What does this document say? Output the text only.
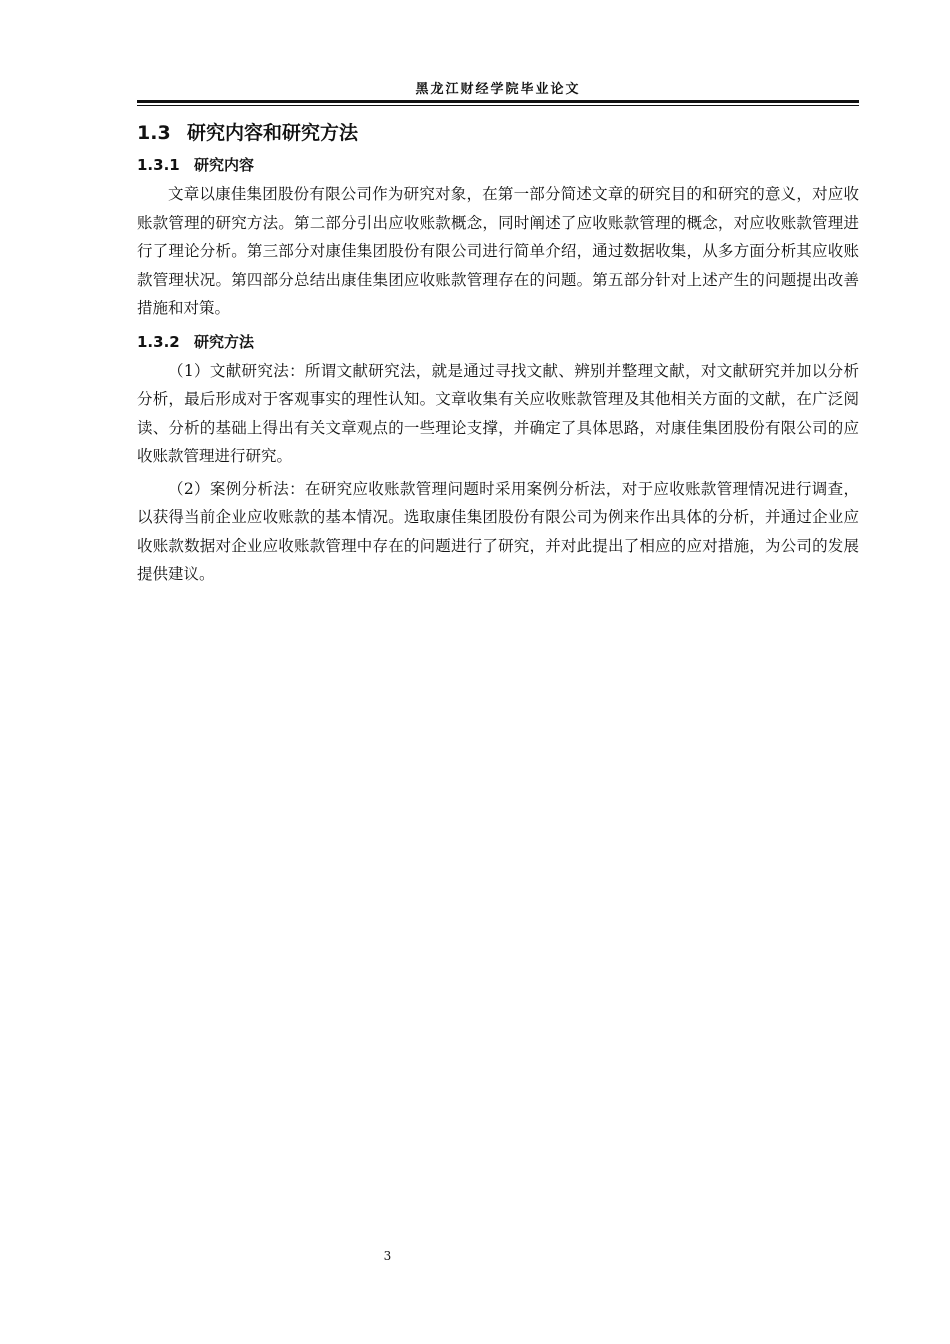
黑龙江财经学院毕业论文
1.3 研究内容和研究方法
1.3.1 研究内容

文章以康佳集团股份有限公司作为研究对象，在第一部分简述文章的研究目的和研究的意义，对应收账款管理的研究方法。第二部分引出应收账款概念，同时阐述了应收账款管理的概念，对应收账款管理进行了理论分析。第三部分对康佳集团股份有限公司进行简单介绍，通过数据收集，从多方面分析其应收账款管理状况。第四部分总结出康佳集团应收账款管理存在的问题。第五部分针对上述产生的问题提出改善措施和对策。

1.3.2 研究方法

（1）文献研究法：所谓文献研究法，就是通过寻找文献、辨别并整理文献，对文献研究并加以分析分析，最后形成对于客观事实的理性认知。文章收集有关应收账款管理及其他相关方面的文献，在广泛阅读、分析的基础上得出有关文章观点的一些理论支撑，并确定了具体思路，对康佳集团股份有限公司的应收账款管理进行研究。

（2）案例分析法：在研究应收账款管理问题时采用案例分析法，对于应收账款管理情况进行调查，以获得当前企业应收账款的基本情况。选取康佳集团股份有限公司为例来作出具体的分析，并通过企业应收账款数据对企业应收账款管理中存在的问题进行了研究，并对此提出了相应的应对措施，为公司的发展提供建议。

3
